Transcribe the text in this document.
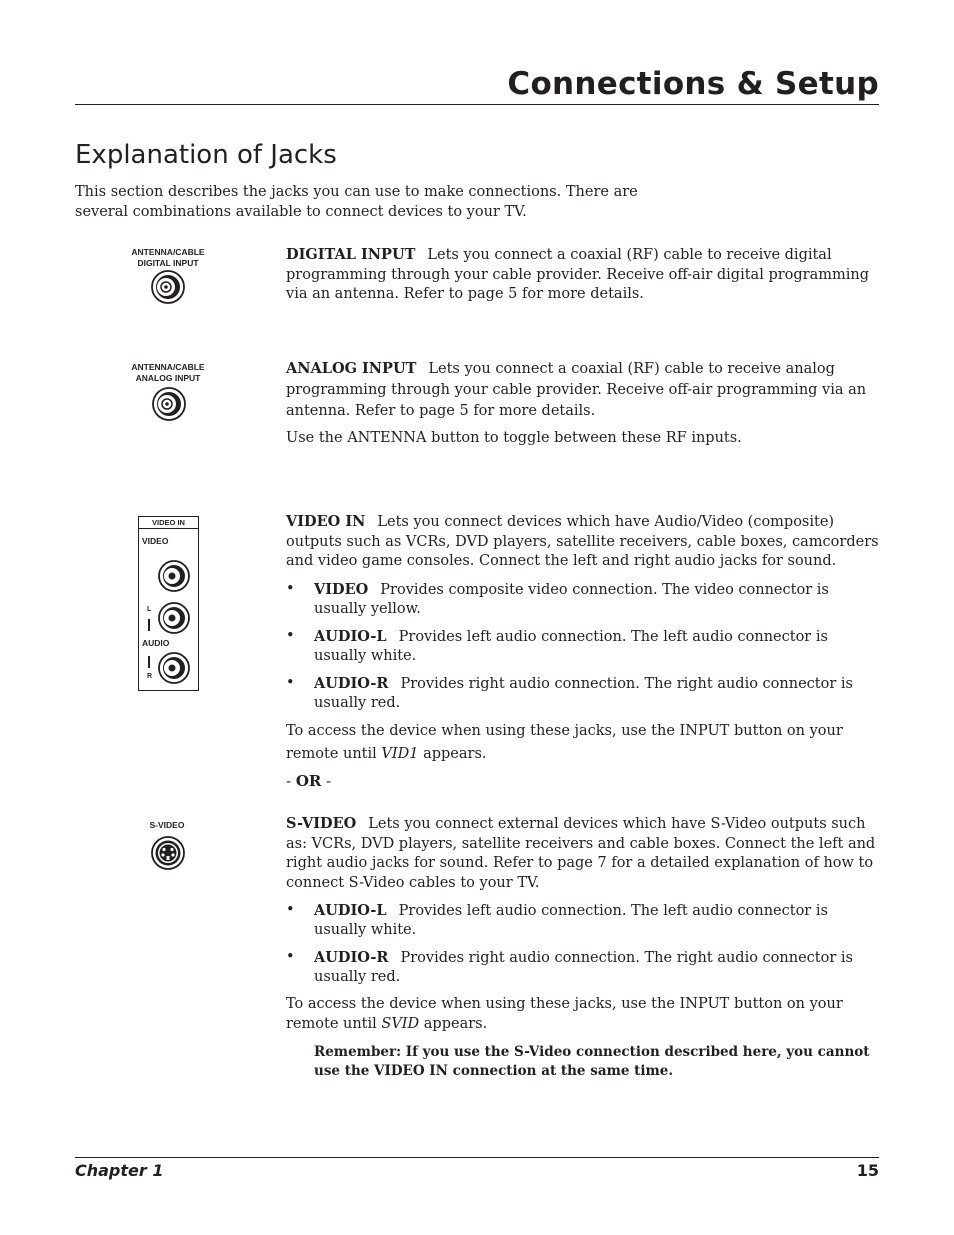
Connections & Setup
Explanation of Jacks
This section describes the jacks you can use to make connections. There are several combinations available to connect devices to your TV.
ANTENNA/CABLE
DIGITAL INPUT	DIGITAL INPUT Lets you connect a coaxial (RF) cable to receive digital programming through your cable provider. Receive off-air digital programming via an antenna. Refer to page 5 for more details.
ANTENNA/CABLE
ANALOG INPUT
ANALOG INPUT Lets you connect a coaxial (RF) cable to receive analog programming through your cable provider. Receive off-air programming via an antenna. Refer to page 5 for more details.
Use the ANTENNA button to toggle between these RF inputs.
VIDEO IN
VIDEO
L
AUDIO
R
VIDEO IN Lets you connect devices which have Audio/Video (composite) outputs such as VCRs, DVD players, satellite receivers, cable boxes, camcorders and video game consoles. Connect the left and right audio jacks for sound.
• VIDEO Provides composite video connection. The video connector is usually yellow.
• AUDIO-L Provides left audio connection. The left audio connector is usually white.
• AUDIO-R Provides right audio connection. The right audio connector is usually red.
To access the device when using these jacks, use the INPUT button on your remote until VID1 appears.
- OR -
S-VIDEO	S-VIDEO Lets you connect external devices which have S-Video outputs such as: VCRs, DVD players, satellite receivers and cable boxes. Connect the left and right audio jacks for sound. Refer to page 7 for a detailed explanation of how to connect S-Video cables to your TV.
• AUDIO-L Provides left audio connection. The left audio connector is usually white.
• AUDIO-R Provides right audio connection. The right audio connector is usually red.
To access the device when using these jacks, use the INPUT button on your remote until SVID appears.
Remember: If you use the S-Video connection described here, you cannot use the VIDEO IN connection at the same time.
Chapter 1	15
